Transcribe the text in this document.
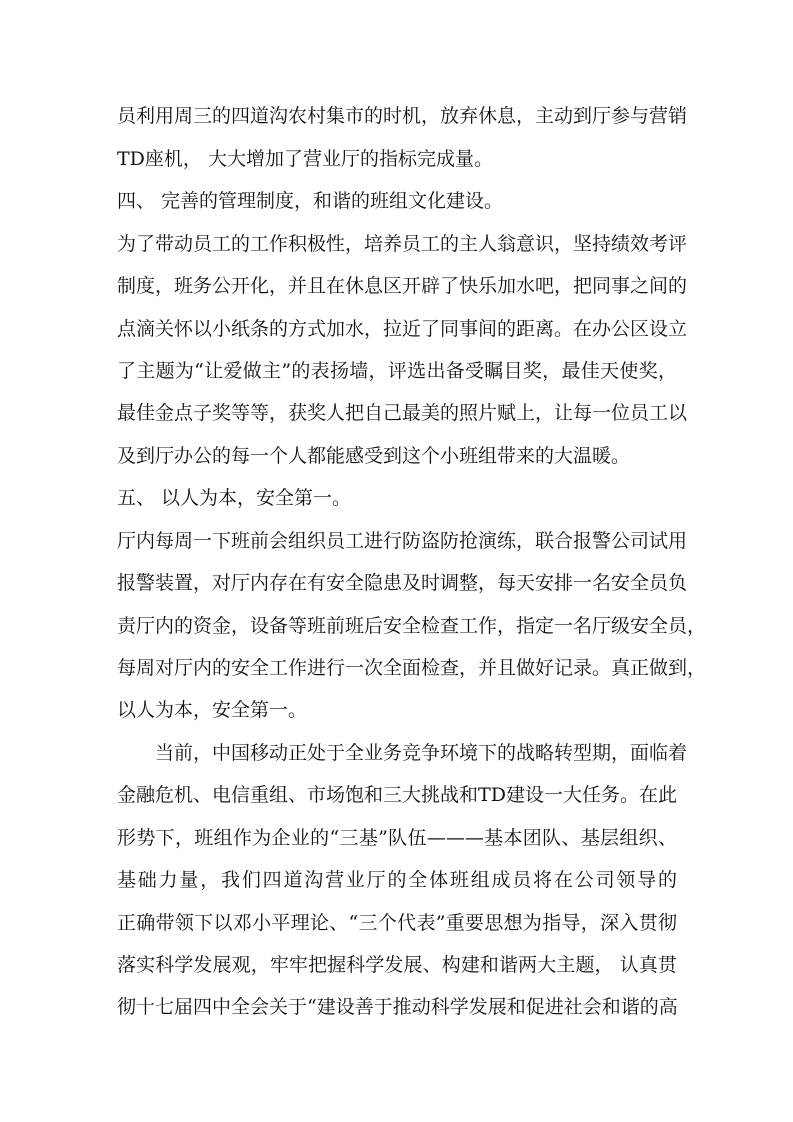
员利用周三的四道沟农村集市的时机，放弃休息，主动到厅参与营销
TD座机， 大大增加了营业厅的指标完成量。
四、 完善的管理制度，和谐的班组文化建设。
为了带动员工的工作积极性，培养员工的主人翁意识，坚持绩效考评
制度，班务公开化，并且在休息区开辟了快乐加水吧，把同事之间的
点滴关怀以小纸条的方式加水，拉近了同事间的距离。在办公区设立
了主题为“让爱做主”的表扬墙，评选出备受瞩目奖，最佳天使奖，
最佳金点子奖等等，获奖人把自己最美的照片赋上，让每一位员工以
及到厅办公的每一个人都能感受到这个小班组带来的大温暖。
五、 以人为本，安全第一。
厅内每周一下班前会组织员工进行防盗防抢演练，联合报警公司试用
报警装置，对厅内存在有安全隐患及时调整，每天安排一名安全员负
责厅内的资金，设备等班前班后安全检查工作，指定一名厅级安全员，
每周对厅内的安全工作进行一次全面检查，并且做好记录。真正做到，
以人为本，安全第一。
当前，中国移动正处于全业务竞争环境下的战略转型期，面临着
金融危机、电信重组、市场饱和三大挑战和TD建设一大任务。在此
形势下，班组作为企业的“三基”队伍———基本团队、基层组织、
基础力量，我们四道沟营业厅的全体班组成员将在公司领导的
正确带领下以邓小平理论、“三个代表”重要思想为指导，深入贯彻
落实科学发展观，牢牢把握科学发展、构建和谐两大主题， 认真贯
彻十七届四中全会关于“建设善于推动科学发展和促进社会和谐的高
